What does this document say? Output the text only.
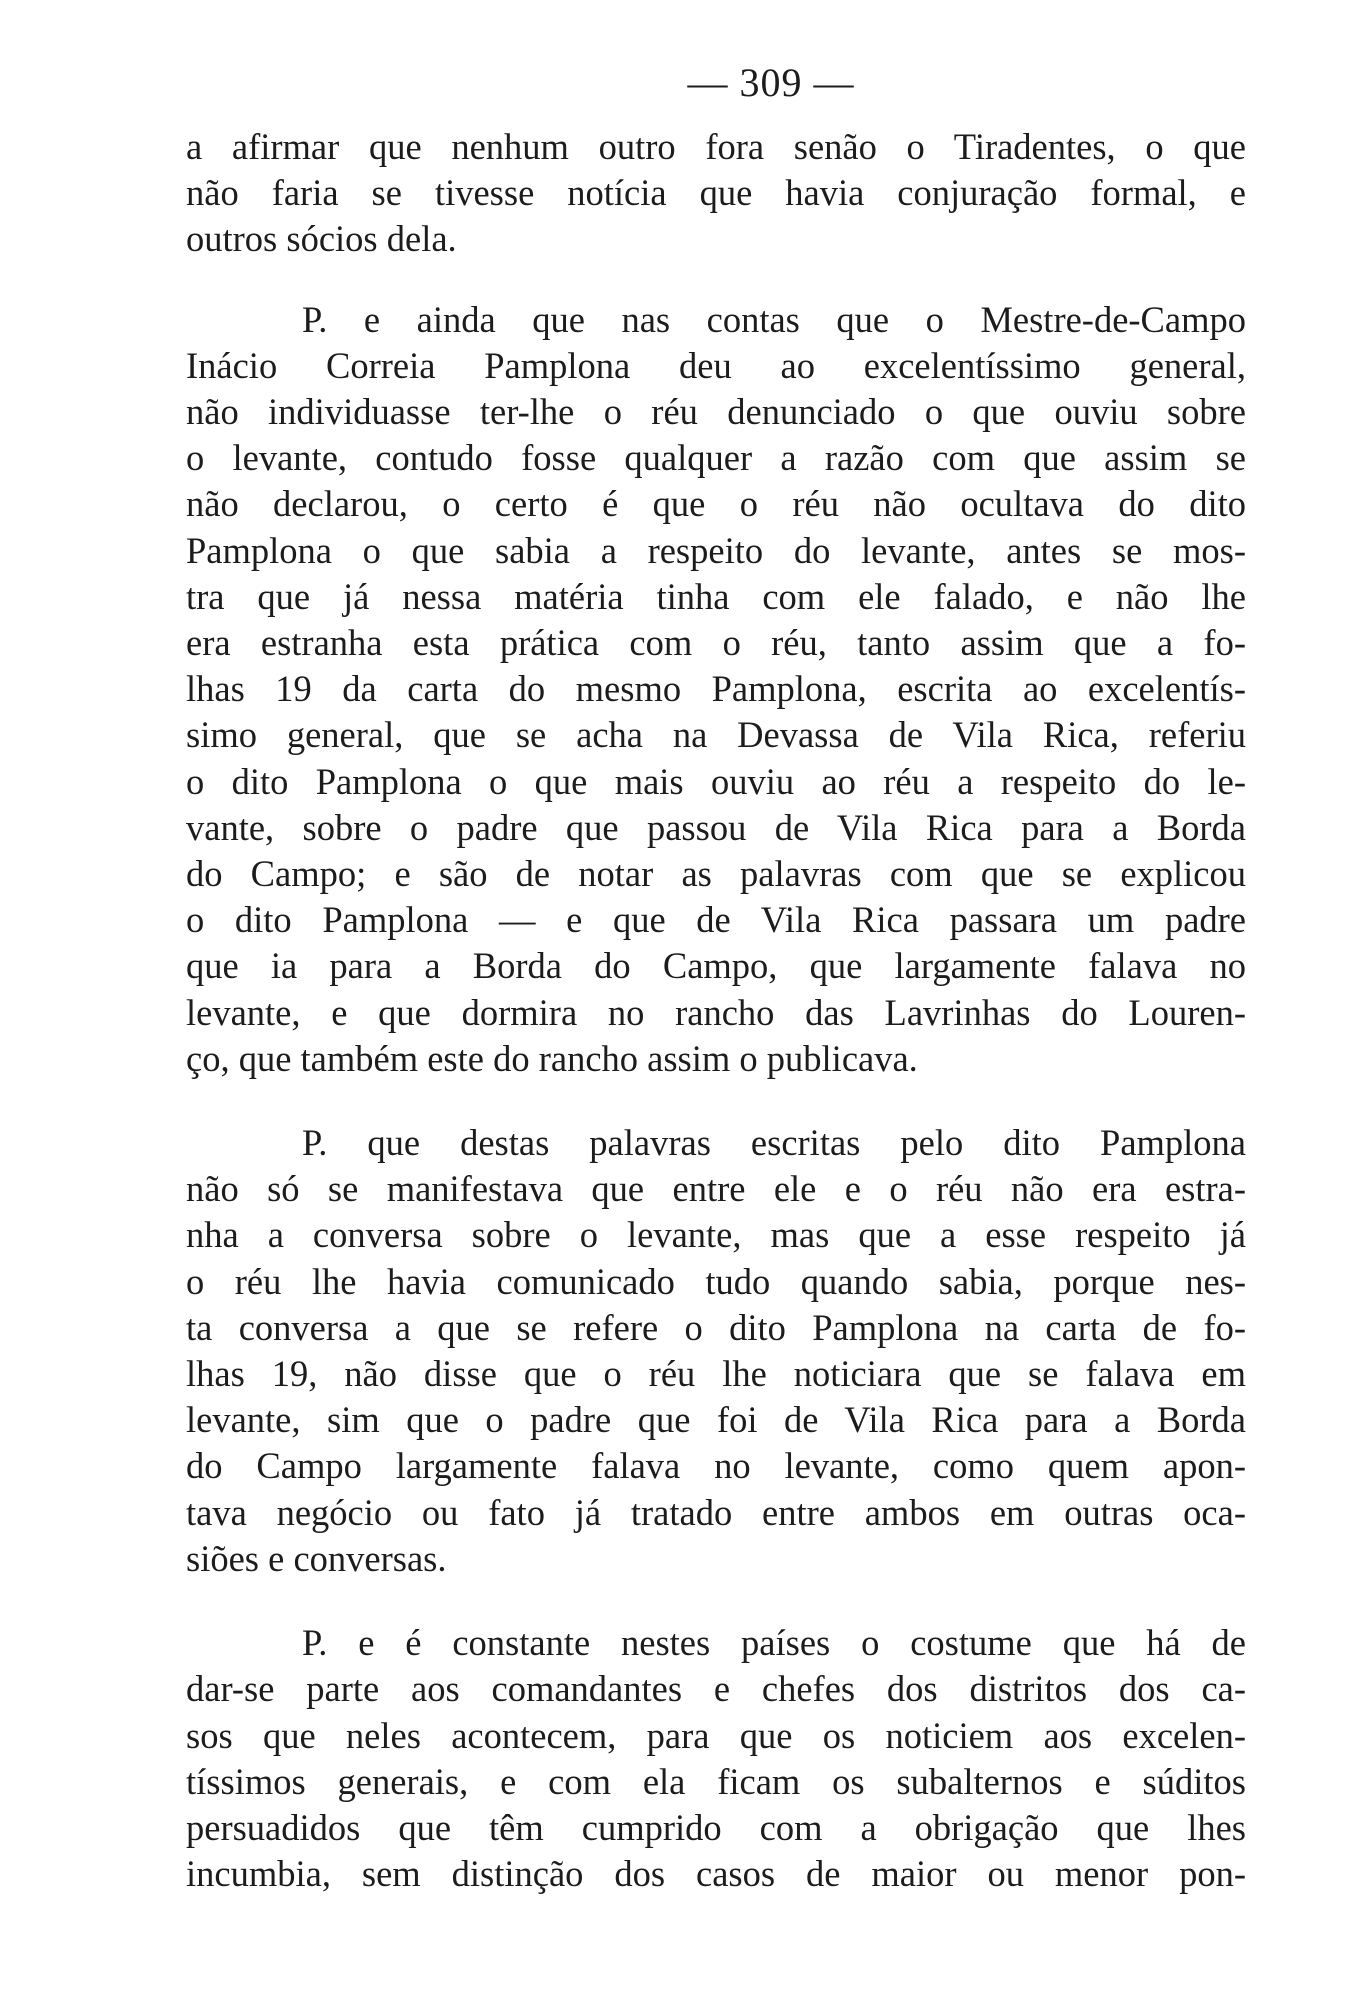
— 309 —
a afirmar que nenhum outro fora senão o Tiradentes, o que
não faria se tivesse notícia que havia conjuração formal, e
outros sócios dela.
P. e ainda que nas contas que o Mestre-de-Campo
Inácio Correia Pamplona deu ao excelentíssimo general,
não individuasse ter-lhe o réu denunciado o que ouviu sobre
o levante, contudo fosse qualquer a razão com que assim se
não declarou, o certo é que o réu não ocultava do dito
Pamplona o que sabia a respeito do levante, antes se mos-
tra que já nessa matéria tinha com ele falado, e não lhe
era estranha esta prática com o réu, tanto assim que a fo-
lhas 19 da carta do mesmo Pamplona, escrita ao excelentís-
simo general, que se acha na Devassa de Vila Rica, referiu
o dito Pamplona o que mais ouviu ao réu a respeito do le-
vante, sobre o padre que passou de Vila Rica para a Borda
do Campo; e são de notar as palavras com que se explicou
o dito Pamplona — e que de Vila Rica passara um padre
que ia para a Borda do Campo, que largamente falava no
levante, e que dormira no rancho das Lavrinhas do Louren-
ço, que também este do rancho assim o publicava.
P. que destas palavras escritas pelo dito Pamplona
não só se manifestava que entre ele e o réu não era estra-
nha a conversa sobre o levante, mas que a esse respeito já
o réu lhe havia comunicado tudo quando sabia, porque nes-
ta conversa a que se refere o dito Pamplona na carta de fo-
lhas 19, não disse que o réu lhe noticiara que se falava em
levante, sim que o padre que foi de Vila Rica para a Borda
do Campo largamente falava no levante, como quem apon-
tava negócio ou fato já tratado entre ambos em outras oca-
siões e conversas.
P. e é constante nestes países o costume que há de
dar-se parte aos comandantes e chefes dos distritos dos ca-
sos que neles acontecem, para que os noticiem aos excelen-
tíssimos generais, e com ela ficam os subalternos e súditos
persuadidos que têm cumprido com a obrigação que lhes
incumbia, sem distinção dos casos de maior ou menor pon-
